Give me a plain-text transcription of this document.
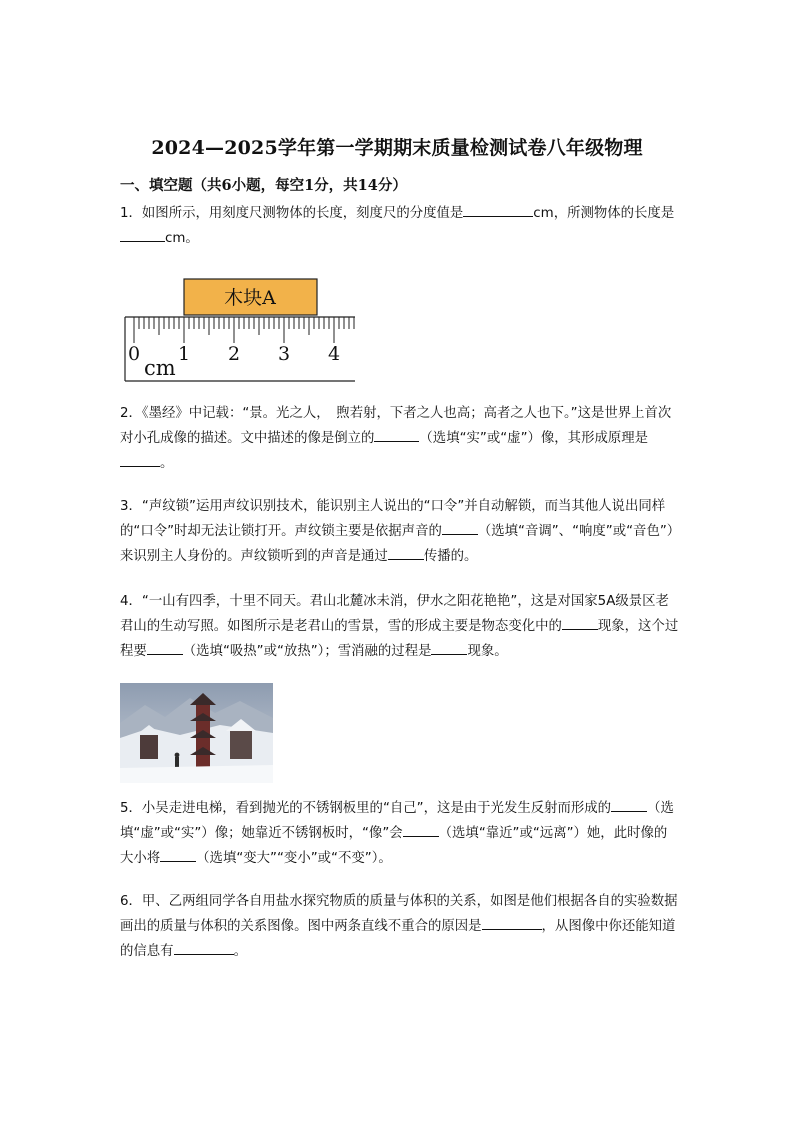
2024—2025学年第一学期期末质量检测试卷八年级物理
一、填空题（共6小题，每空1分，共14分）
1．如图所示，用刻度尺测物体的长度，刻度尺的分度值是	cm，所测物体的长度是cm。
木块A
0 1 2 3 4
cm
2．《墨经》中记载：“景。光之人，　煦若射，下者之人也高；高者之人也下。”这是世界上首次对小孔成像的描述。文中描述的像是倒立的	（选填“实”或“虚”）像，其形成原理是。
3．“声纹锁”运用声纹识别技术，能识别主人说出的“口令”并自动解锁，而当其他人说出同样的“口令”时却无法让锁打开。声纹锁主要是依据声音的	（选填“音调”、“响度”或“音色”）来识别主人身份的。声纹锁听到的声音是通过	传播的。
4．“一山有四季，十里不同天。君山北麓冰未消，伊水之阳花艳艳”，这是对国家5A级景区老君山的生动写照。如图所示是老君山的雪景，雪的形成主要是物态变化中的	现象，这个过程要	（选填“吸热”或“放热”）；雪消融的过程是	现象。
5．小吴走进电梯，看到抛光的不锈钢板里的“自己”，这是由于光发生反射而形成的	（选填“虚”或“实”）像；她靠近不锈钢板时，“像”会	（选填“靠近”或“远离”）她，此时像的大小将	（选填“变大”“变小”或“不变”）。
6．甲、乙两组同学各自用盐水探究物质的质量与体积的关系，如图是他们根据各自的实验数据画出的质量与体积的关系图像。图中两条直线不重合的原因是	，从图像中你还能知道的信息有	。
